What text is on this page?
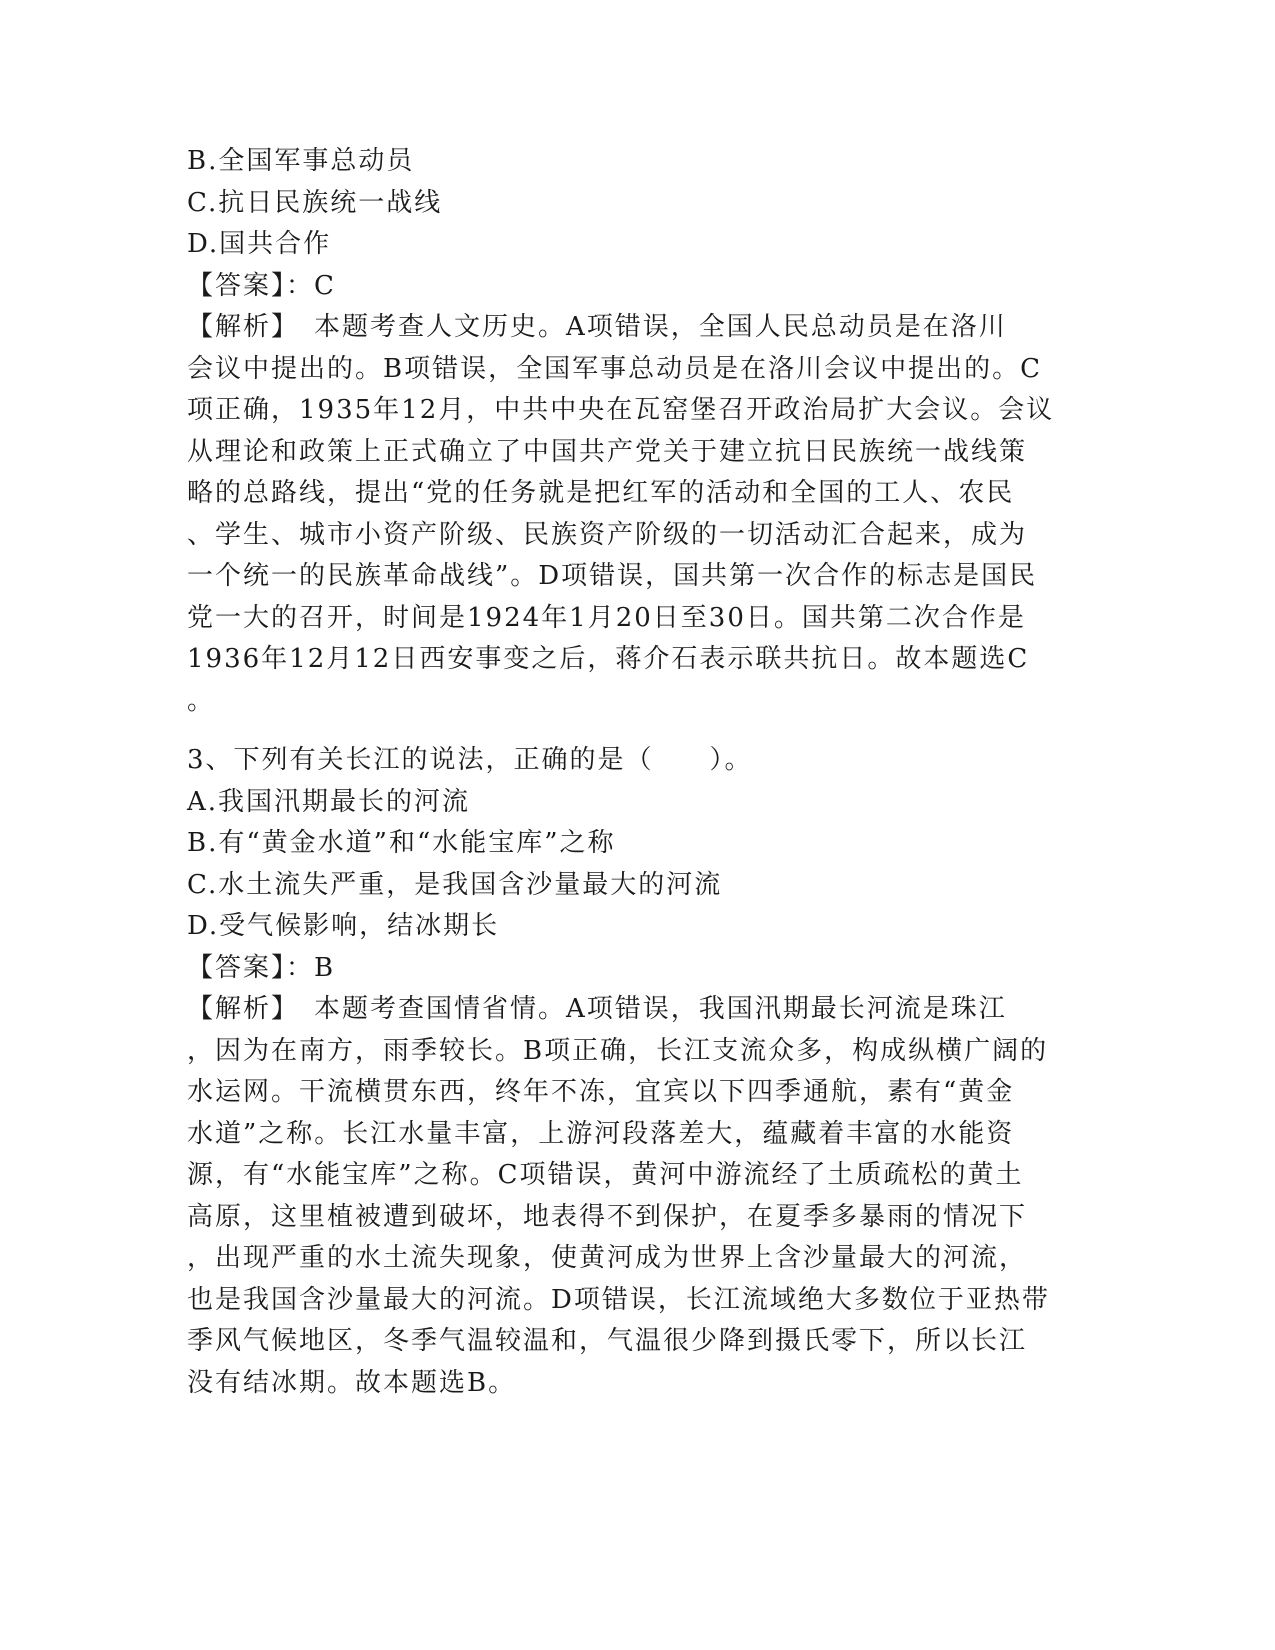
B.全国军事总动员
C.抗日民族统一战线
D.国共合作
【答案】：C
【解析】　本题考查人文历史。A项错误，全国人民总动员是在洛川
会议中提出的。B项错误，全国军事总动员是在洛川会议中提出的。C
项正确，1935年12月，中共中央在瓦窑堡召开政治局扩大会议。会议
从理论和政策上正式确立了中国共产党关于建立抗日民族统一战线策
略的总路线，提出“党的任务就是把红军的活动和全国的工人、农民
、学生、城市小资产阶级、民族资产阶级的一切活动汇合起来，成为
一个统一的民族革命战线”。D项错误，国共第一次合作的标志是国民
党一大的召开，时间是1924年1月20日至30日。国共第二次合作是
1936年12月12日西安事变之后，蒋介石表示联共抗日。故本题选C
。
3、下列有关长江的说法，正确的是（　　）。
A.我国汛期最长的河流
B.有“黄金水道”和“水能宝库”之称
C.水土流失严重，是我国含沙量最大的河流
D.受气候影响，结冰期长
【答案】：B
【解析】　本题考查国情省情。A项错误，我国汛期最长河流是珠江
，因为在南方，雨季较长。B项正确，长江支流众多，构成纵横广阔的
水运网。干流横贯东西，终年不冻，宜宾以下四季通航，素有“黄金
水道”之称。长江水量丰富，上游河段落差大，蕴藏着丰富的水能资
源，有“水能宝库”之称。C项错误，黄河中游流经了土质疏松的黄土
高原，这里植被遭到破坏，地表得不到保护，在夏季多暴雨的情况下
，出现严重的水土流失现象，使黄河成为世界上含沙量最大的河流，
也是我国含沙量最大的河流。D项错误，长江流域绝大多数位于亚热带
季风气候地区，冬季气温较温和，气温很少降到摄氏零下，所以长江
没有结冰期。故本题选B。
